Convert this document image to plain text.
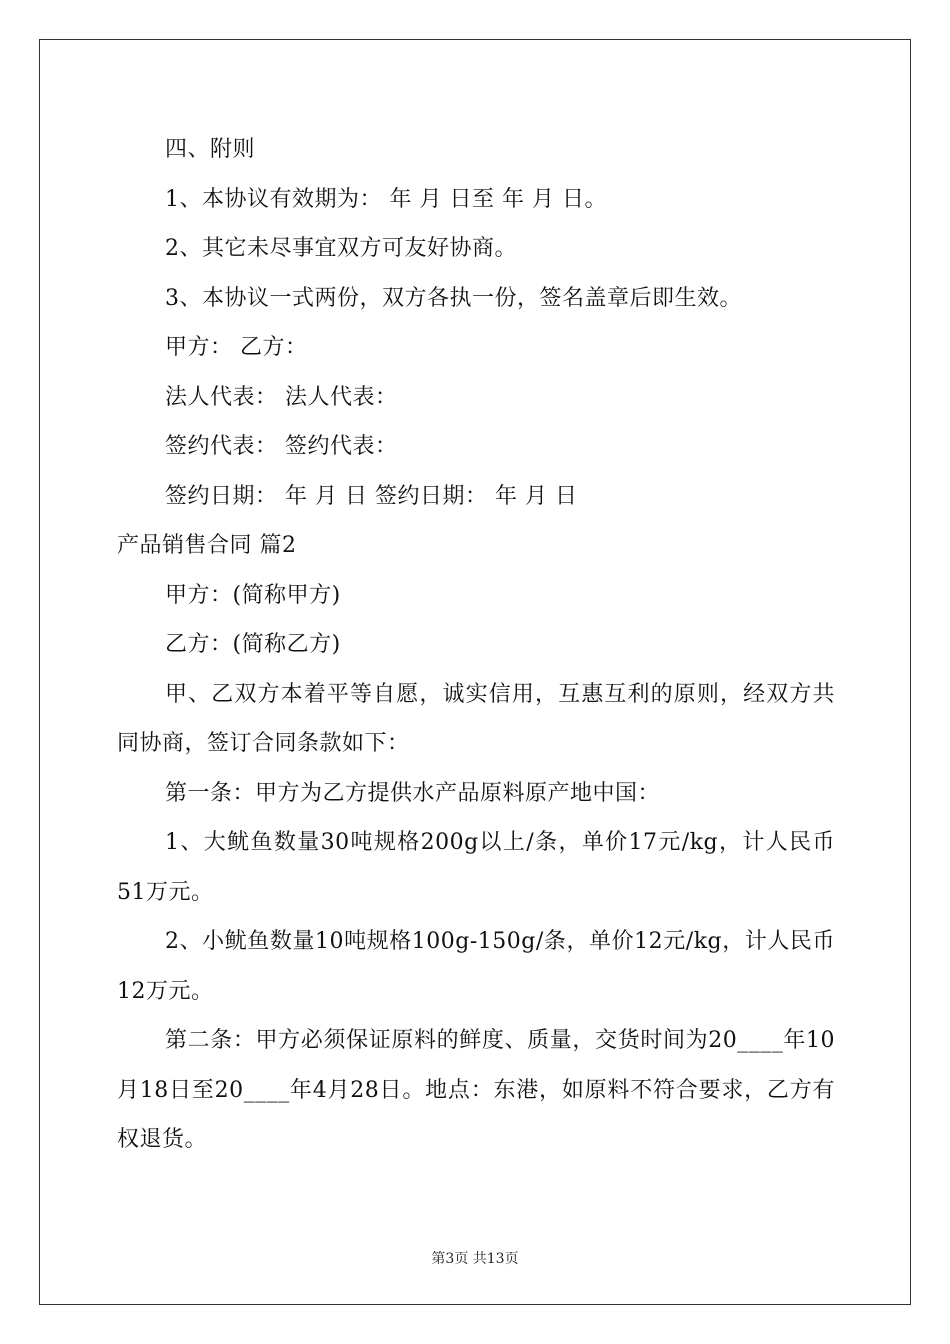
四、附则
1、本协议有效期为： 年 月 日至 年 月 日。
2、其它未尽事宜双方可友好协商。
3、本协议一式两份，双方各执一份，签名盖章后即生效。
甲方： 乙方：
法人代表： 法人代表：
签约代表： 签约代表：
签约日期： 年 月 日 签约日期： 年 月 日
产品销售合同 篇2
甲方：(简称甲方)
乙方：(简称乙方)

甲、乙双方本着平等自愿，诚实信用，互惠互利的原则，经双方共同协商，签订合同条款如下：

第一条：甲方为乙方提供水产品原料原产地中国：

1、大鱿鱼数量30吨规格200g以上/条，单价17元/kg，计人民币51万元。

2、小鱿鱼数量10吨规格100g-150g/条，单价12元/kg，计人民币12万元。

第二条：甲方必须保证原料的鲜度、质量，交货时间为20____年10月18日至20____年4月28日。地点：东港，如原料不符合要求，乙方有权退货。

第3页 共13页
